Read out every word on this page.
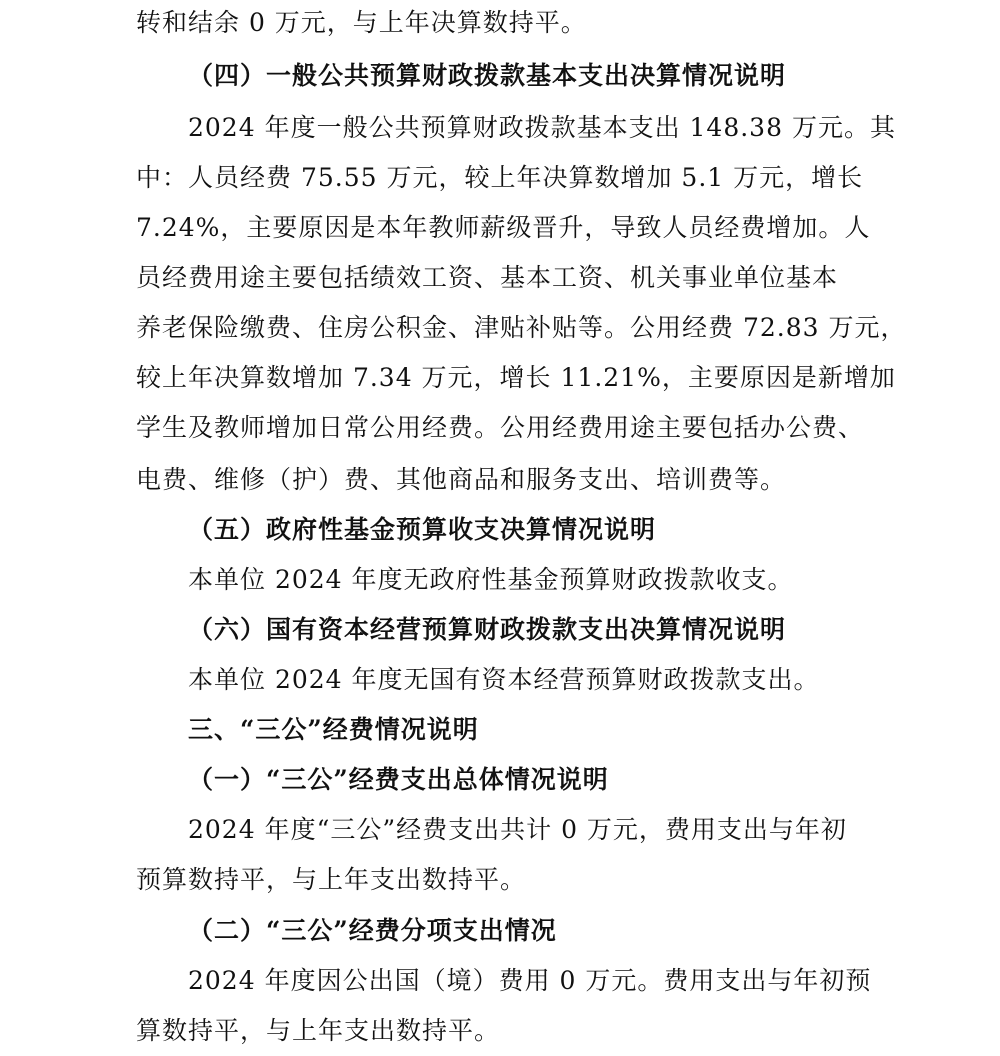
转和结余 0 万元，与上年决算数持平。
（四）一般公共预算财政拨款基本支出决算情况说明
2024 年度一般公共预算财政拨款基本支出 148.38 万元。其
中：人员经费 75.55 万元，较上年决算数增加 5.1 万元，增长
7.24%，主要原因是本年教师薪级晋升，导致人员经费增加。人
员经费用途主要包括绩效工资、基本工资、机关事业单位基本
养老保险缴费、住房公积金、津贴补贴等。公用经费 72.83 万元，
较上年决算数增加 7.34 万元，增长 11.21%，主要原因是新增加
学生及教师增加日常公用经费。公用经费用途主要包括办公费、
电费、维修（护）费、其他商品和服务支出、培训费等。
（五）政府性基金预算收支决算情况说明
本单位 2024 年度无政府性基金预算财政拨款收支。
（六）国有资本经营预算财政拨款支出决算情况说明
本单位 2024 年度无国有资本经营预算财政拨款支出。
三、“三公”经费情况说明
（一）“三公”经费支出总体情况说明
2024 年度“三公”经费支出共计 0 万元，费用支出与年初
预算数持平，与上年支出数持平。
（二）“三公”经费分项支出情况
2024 年度因公出国（境）费用 0 万元。费用支出与年初预
算数持平，与上年支出数持平。
